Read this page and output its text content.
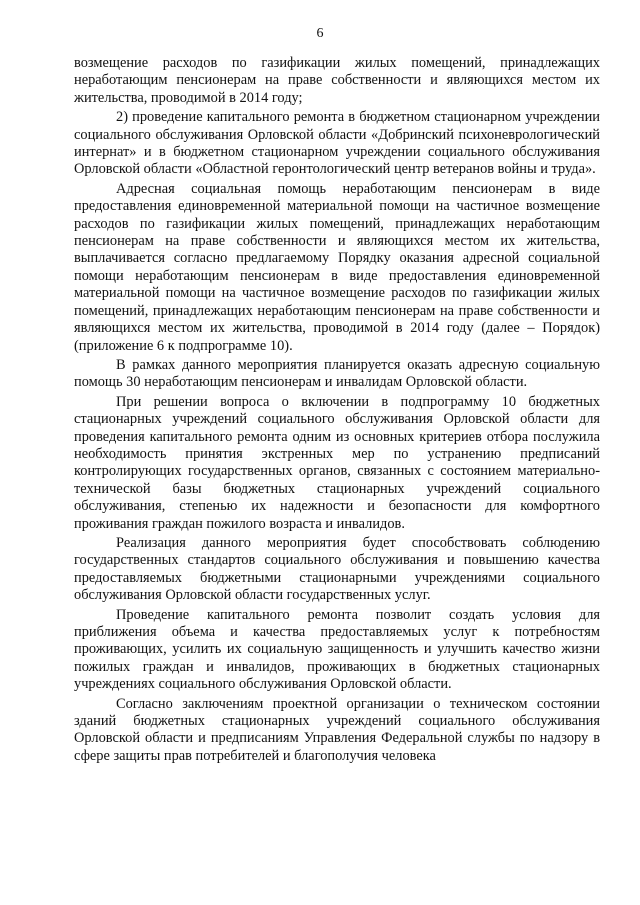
6

возмещение расходов по газификации жилых помещений, принадлежащих неработающим пенсионерам на праве собственности и являющихся местом их жительства, проводимой в 2014 году;

2) проведение капитального ремонта в бюджетном стационарном учреждении социального обслуживания Орловской области «Добринский психоневрологический интернат» и в бюджетном стационарном учреждении социального обслуживания Орловской области «Областной геронтологический центр ветеранов войны и труда».

Адресная социальная помощь неработающим пенсионерам в виде предоставления единовременной материальной помощи на частичное возмещение расходов по газификации жилых помещений, принадлежащих неработающим пенсионерам на праве собственности и являющихся местом их жительства, выплачивается согласно предлагаемому Порядку оказания адресной социальной помощи неработающим пенсионерам в виде предоставления единовременной материальной помощи на частичное возмещение расходов по газификации жилых помещений, принадлежащих неработающим пенсионерам на праве собственности и являющихся местом их жительства, проводимой в 2014 году (далее – Порядок) (приложение 6 к подпрограмме 10).

В рамках данного мероприятия планируется оказать адресную социальную помощь 30 неработающим пенсионерам и инвалидам Орловской области.

При решении вопроса о включении в подпрограмму 10 бюджетных стационарных учреждений социального обслуживания Орловской области для проведения капитального ремонта одним из основных критериев отбора послужила необходимость принятия экстренных мер по устранению предписаний контролирующих государственных органов, связанных с состоянием материально-технической базы бюджетных стационарных учреждений социального обслуживания, степенью их надежности и безопасности для комфортного проживания граждан пожилого возраста и инвалидов.

Реализация данного мероприятия будет способствовать соблюдению государственных стандартов социального обслуживания и повышению качества предоставляемых бюджетными стационарными учреждениями социального обслуживания Орловской области государственных услуг.

Проведение капитального ремонта позволит создать условия для приближения объема и качества предоставляемых услуг к потребностям проживающих, усилить их социальную защищенность и улучшить качество жизни пожилых граждан и инвалидов, проживающих в бюджетных стационарных учреждениях социального обслуживания Орловской области.

Согласно заключениям проектной организации о техническом состоянии зданий бюджетных стационарных учреждений социального обслуживания Орловской области и предписаниям Управления Федеральной службы по надзору в сфере защиты прав потребителей и благополучия человека
